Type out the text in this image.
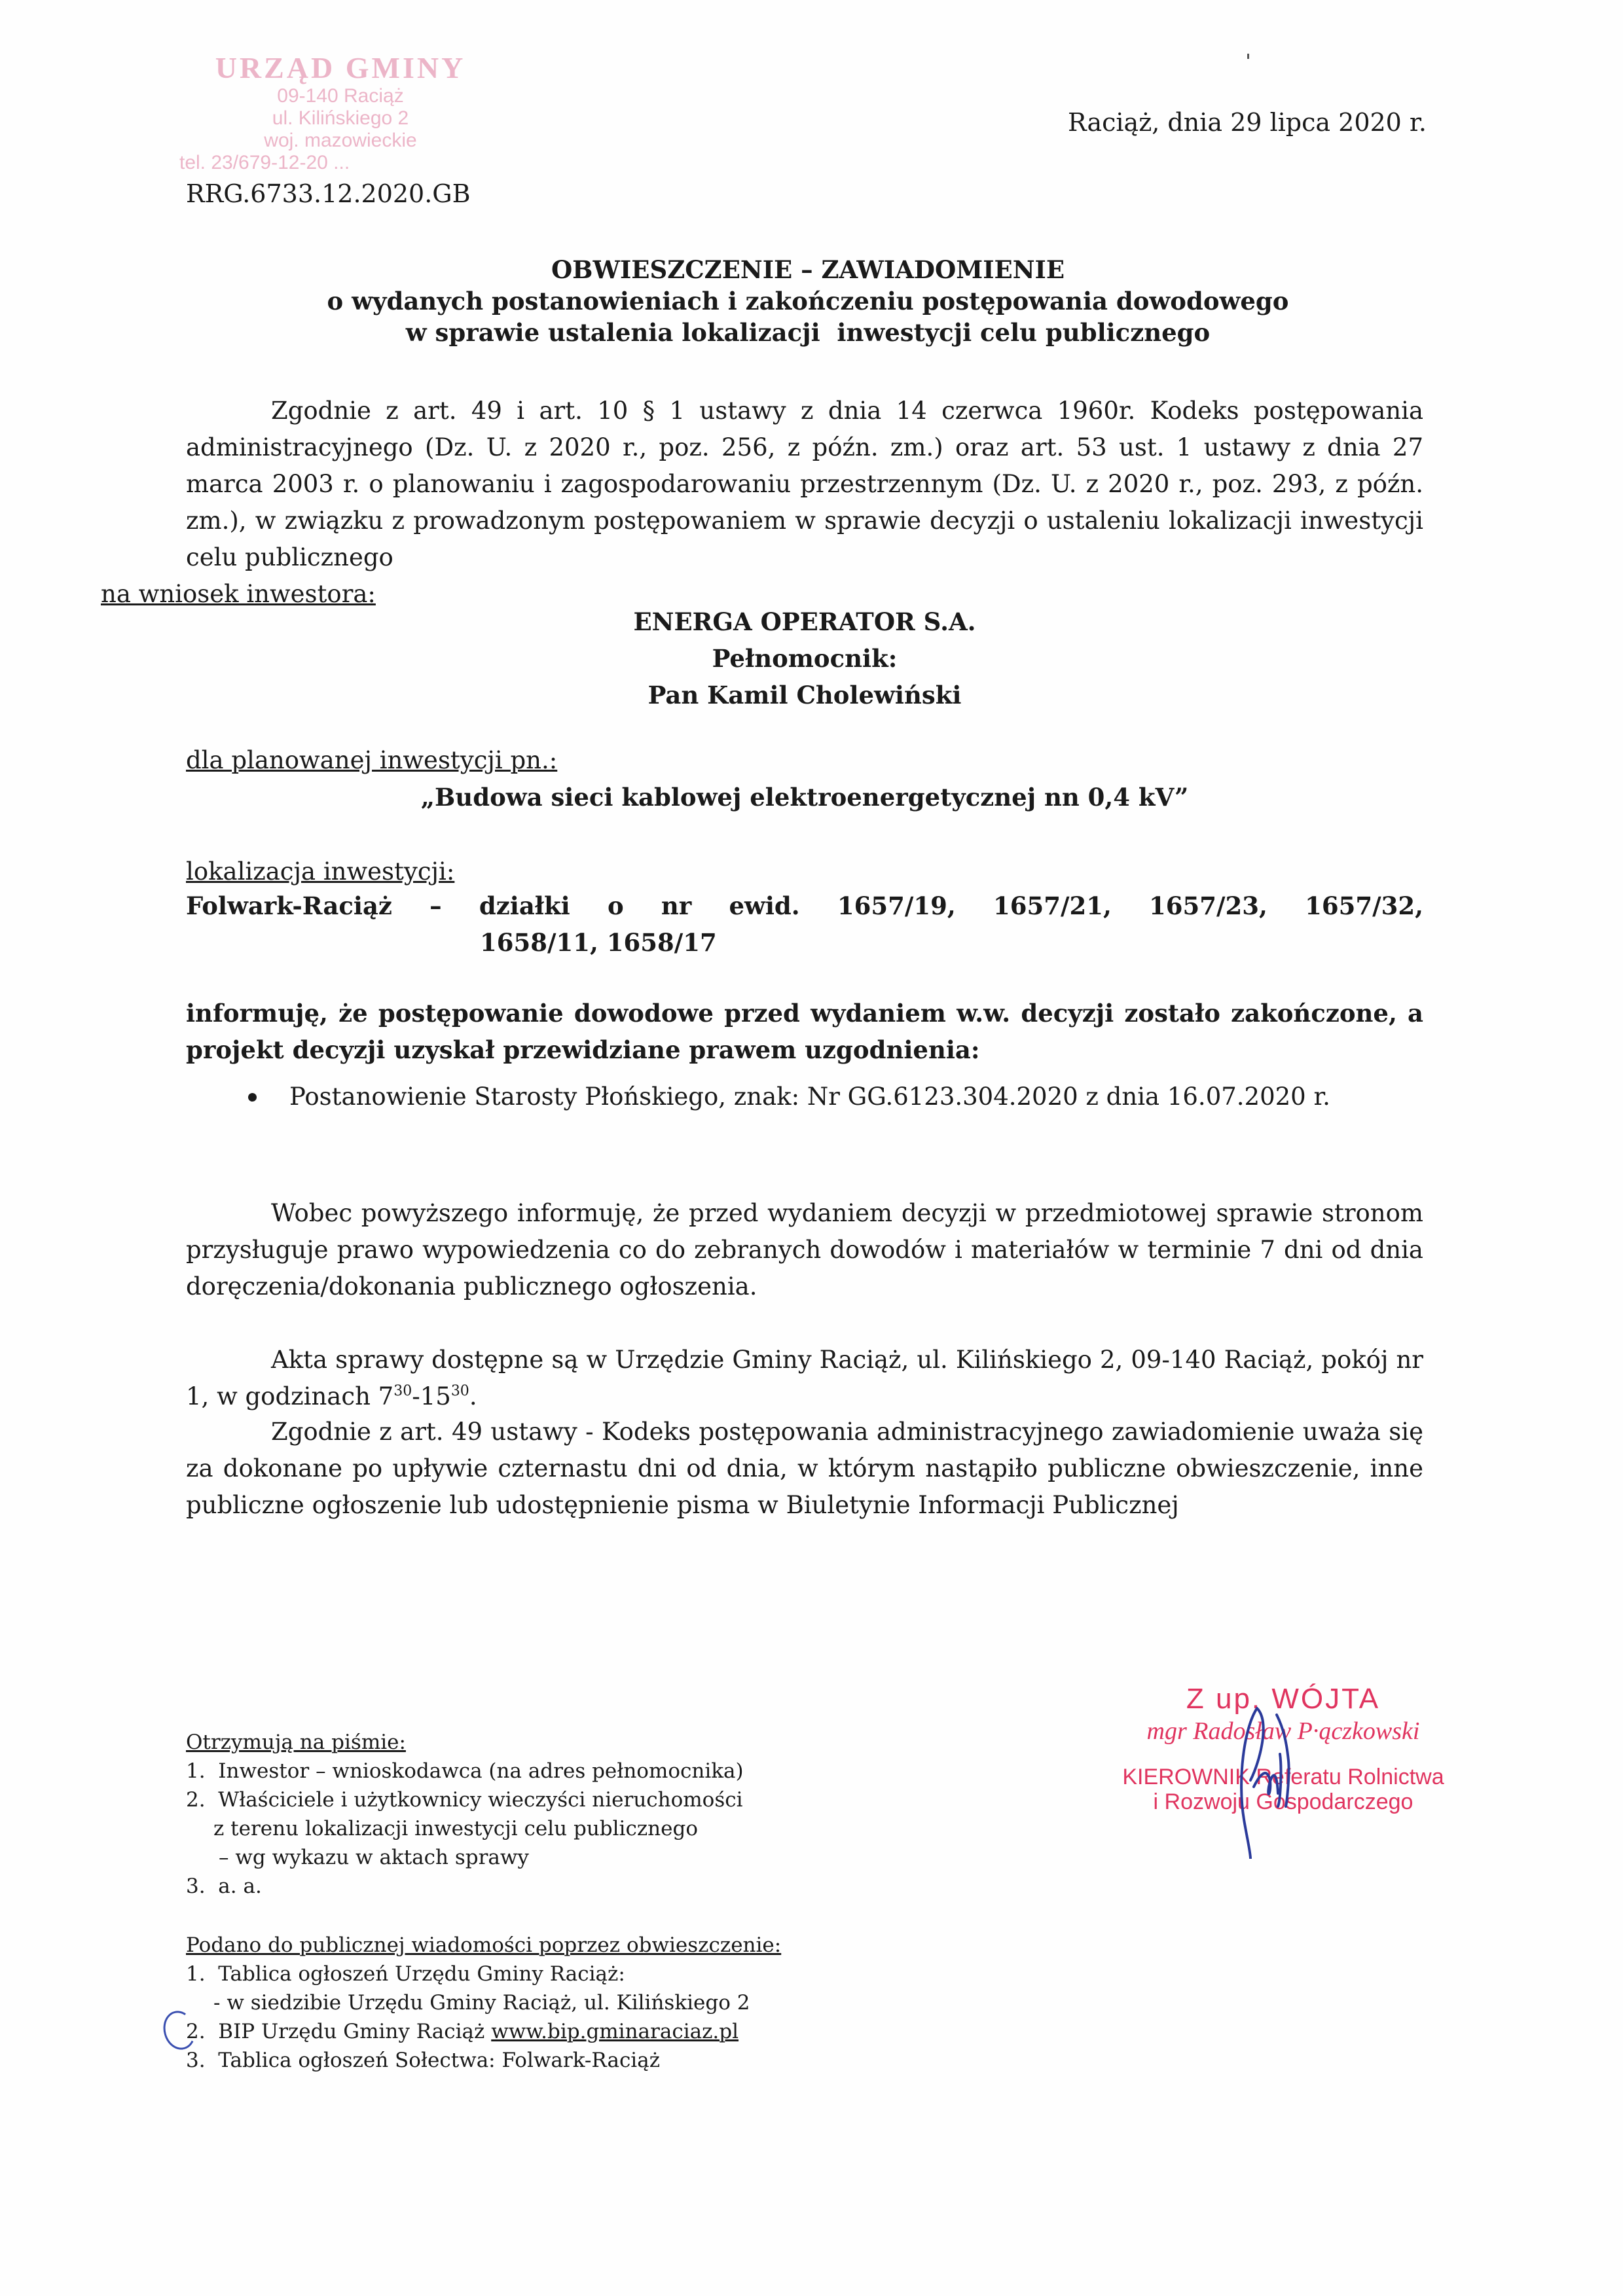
URZĄD GMINY
09-140 Raciąż
ul. Kilińskiego 2
woj. mazowieckie
tel. 23/679-12-20 ...
Raciąż, dnia 29 lipca 2020 r.
RRG.6733.12.2020.GB
OBWIESZCZENIE – ZAWIADOMIENIE
o wydanych postanowieniach i zakończeniu postępowania dowodowego
w sprawie ustalenia lokalizacji  inwestycji celu publicznego
Zgodnie z art. 49 i art. 10 § 1 ustawy z dnia 14 czerwca 1960r. Kodeks postępowania administracyjnego (Dz. U. z 2020 r., poz. 256, z późn. zm.) oraz art. 53 ust. 1 ustawy z dnia 27 marca 2003 r. o planowaniu i zagospodarowaniu przestrzennym (Dz. U. z 2020 r., poz. 293, z późn. zm.), w związku z prowadzonym postępowaniem w sprawie decyzji o ustaleniu lokalizacji inwestycji celu publicznego
na wniosek inwestora:
ENERGA OPERATOR S.A.
Pełnomocnik:
Pan Kamil Cholewiński
dla planowanej inwestycji pn.:
„Budowa sieci kablowej elektroenergetycznej nn 0,4 kV”
lokalizacja inwestycji:
Folwark-Raciąż – działki o nr ewid. 1657/19, 1657/21, 1657/23, 1657/32,
1658/11, 1658/17
informuję, że postępowanie dowodowe przed wydaniem w.w. decyzji zostało zakończone, a projekt decyzji uzyskał przewidziane prawem uzgodnienia:
Postanowienie Starosty Płońskiego, znak: Nr GG.6123.304.2020 z dnia 16.07.2020 r.
Wobec powyższego informuję, że przed wydaniem decyzji w przedmiotowej sprawie stronom przysługuje prawo wypowiedzenia co do zebranych dowodów i materiałów w terminie 7 dni od dnia doręczenia/dokonania publicznego ogłoszenia.
Akta sprawy dostępne są w Urzędzie Gminy Raciąż, ul. Kilińskiego 2, 09-140 Raciąż, pokój nr 1, w godzinach $7^{30}-15^{30}$.
Zgodnie z art. 49 ustawy - Kodeks postępowania administracyjnego zawiadomienie uważa się za dokonane po upływie czternastu dni od dnia, w którym nastąpiło publiczne obwieszczenie, inne publiczne ogłoszenie lub udostępnienie pisma w Biuletynie Informacji Publicznej
Z up. WÓJTA
mgr Radosław P·ączkowski
KIEROWNIK Referatu Rolnictwa
i Rozwoju Gospodarczego
Otrzymują na piśmie:
1.  Inwestor – wnioskodawca (na adres pełnomocnika)
2.  Właściciele i użytkownicy wieczyści nieruchomości
z terenu lokalizacji inwestycji celu publicznego
– wg wykazu w aktach sprawy
3.  a. a.
Podano do publicznej wiadomości poprzez obwieszczenie:
1.  Tablica ogłoszeń Urzędu Gminy Raciąż:
- w siedzibie Urzędu Gminy Raciąż, ul. Kilińskiego 2
2.  BIP Urzędu Gminy Raciąż www.bip.gminaraciaz.pl
3.  Tablica ogłoszeń Sołectwa: Folwark-Raciąż
